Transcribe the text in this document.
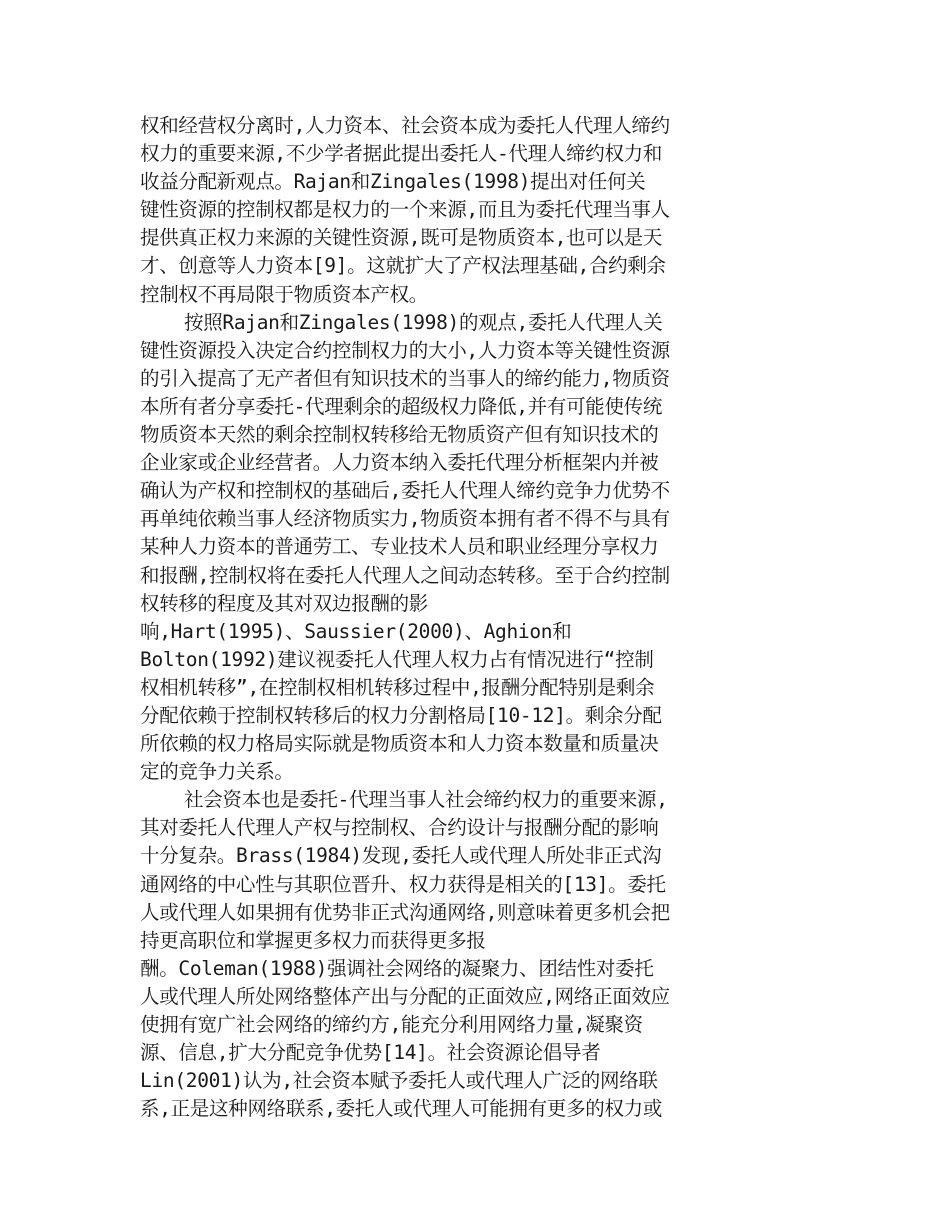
权和经营权分离时,人力资本、社会资本成为委托人代理人缔约
权力的重要来源,不少学者据此提出委托人-代理人缔约权力和
收益分配新观点。Rajan和Zingales(1998)提出对任何关
键性资源的控制权都是权力的一个来源,而且为委托代理当事人
提供真正权力来源的关键性资源,既可是物质资本,也可以是天
才、创意等人力资本[9]。这就扩大了产权法理基础,合约剩余
控制权不再局限于物质资本产权。
按照Rajan和Zingales(1998)的观点,委托人代理人关
键性资源投入决定合约控制权力的大小,人力资本等关键性资源
的引入提高了无产者但有知识技术的当事人的缔约能力,物质资
本所有者分享委托-代理剩余的超级权力降低,并有可能使传统
物质资本天然的剩余控制权转移给无物质资产但有知识技术的
企业家或企业经营者。人力资本纳入委托代理分析框架内并被
确认为产权和控制权的基础后,委托人代理人缔约竞争力优势不
再单纯依赖当事人经济物质实力,物质资本拥有者不得不与具有
某种人力资本的普通劳工、专业技术人员和职业经理分享权力
和报酬,控制权将在委托人代理人之间动态转移。至于合约控制
权转移的程度及其对双边报酬的影
响,Hart(1995)、Saussier(2000)、Aghion和
Bolton(1992)建议视委托人代理人权力占有情况进行“控制
权相机转移”,在控制权相机转移过程中,报酬分配特别是剩余
分配依赖于控制权转移后的权力分割格局[10-12]。剩余分配
所依赖的权力格局实际就是物质资本和人力资本数量和质量决
定的竞争力关系。
社会资本也是委托-代理当事人社会缔约权力的重要来源,
其对委托人代理人产权与控制权、合约设计与报酬分配的影响
十分复杂。Brass(1984)发现,委托人或代理人所处非正式沟
通网络的中心性与其职位晋升、权力获得是相关的[13]。委托
人或代理人如果拥有优势非正式沟通网络,则意味着更多机会把
持更高职位和掌握更多权力而获得更多报
酬。Coleman(1988)强调社会网络的凝聚力、团结性对委托
人或代理人所处网络整体产出与分配的正面效应,网络正面效应
使拥有宽广社会网络的缔约方,能充分利用网络力量,凝聚资
源、信息,扩大分配竞争优势[14]。社会资源论倡导者
Lin(2001)认为,社会资本赋予委托人或代理人广泛的网络联
系,正是这种网络联系,委托人或代理人可能拥有更多的权力或
